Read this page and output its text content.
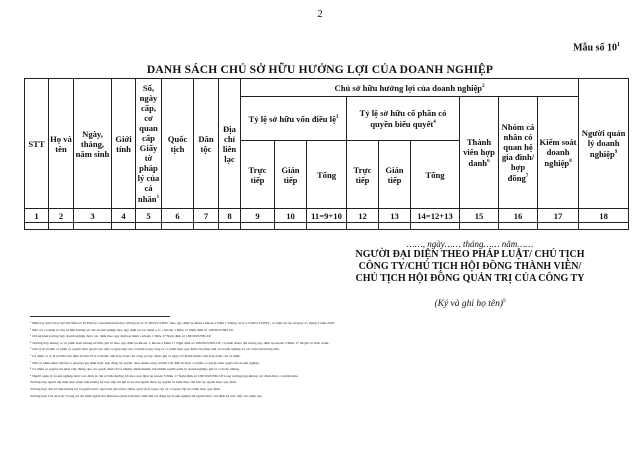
2
Mẫu số $10^1$
DANH SÁCH CHỦ SỞ HỮU HƯỞNG LỢI CỦA DOANH NGHIỆP
STT	Họ và tên	Ngày, tháng, năm sinh	Giới tính	Số, ngày cấp, cơ quan cấp Giấy tờ pháp lý của cá nhân$^1$	Quốc tịch	Dân tộc	Địa chỉ liên lạc	Chủ sở hữu hưởng lợi của doanh nghiệp$^2$									Người quản lý doanh nghiệp$^9$
								Tỷ lệ sở hữu vốn điều lệ$^3$			Tỷ lệ sở hữu cổ phần có quyền biểu quyết$^4$			Thành viên hợp danh$^6$	Nhóm cá nhân có quan hệ gia đình/ hợp đồng$^7$	Kiểm soát doanh nghiệp$^8$
								Trực tiếp	Gián tiếp	Tổng	Trực tiếp	Gián tiếp	Tổng				
1	2	3	4	5	6	7	8	9	10	11=9+10	12	13	14=12+13	15	16	17	18

……, ngày…… tháng…… năm……
NGƯỜI ĐẠI DIỆN THEO PHÁP LUẬT/ CHỦ TỊCH
CÔNG TY/CHỦ TỊCH HỘI ĐỒNG THÀNH VIÊN/
CHỦ TỊCH HỘI ĐỒNG QUẢN TRỊ CỦA CÔNG TY
(Ký và ghi họ tên)$^9$

¹ Mẫu này được thay thế bởi Mẫu số 10 Phụ lục ban hành kèm theo Thông tư số 11/2025/TT-BTC theo quy định tại điểm a khoản 1 Điều 1 Thông tư số 11/2025/TT-BTC, có hiệu lực kể từ ngày 21 tháng 3 năm 2025.

² Nêu các cá nhân là chủ sở hữu hưởng lợi của doanh nghiệp theo quy định tại các điểm a, b, c khoản 1 Điều 17 Nghị định số 168/2025/NĐ-CP.

³ Chỉ kê khai trường hợp doanh nghiệp được xác định theo quy định tại điểm a khoản 1 Điều 17 Nghị định số 168/2025/NĐ-CP.

⁴ Trường hợp không có cổ phần hoặc không sở hữu, ghi rõ theo quy định tại khoản 1, khoản 2 Điều 17 Nghị định số 168/2025/NĐ-CP; cá nhân thuộc đối tượng quy định tại khoản 3 Điều 17 thì ghi rõ chức danh.

⁵ Ghi tỷ lệ sở hữu cổ phần có quyền biểu quyết trực tiếp và gián tiếp của cá nhân trong công ty cổ phần theo quy định của pháp luật về doanh nghiệp và các văn bản hướng dẫn.

⁶ Cá nhân có tỷ lệ sở hữu vốn điều lệ trên 25% là thành viên hợp danh của công ty hợp danh; ghi rõ ngày trở thành thành viên hợp danh của cá nhân.

⁷ Nêu cá nhân thuộc nhóm có quan hệ gia đình hoặc hợp đồng ủy quyền, thỏa thuận cùng sở hữu vốn điều lệ hoặc cổ phần có quyền biểu quyết của doanh nghiệp.

⁸ Cá nhân có quyền chi phối việc thông qua các quyết định về bổ nhiệm, miễn nhiệm, bãi nhiệm người quản lý doanh nghiệp; ghi rõ có hoặc không.

⁹ Người quản lý doanh nghiệp được xác định là chủ sở hữu hưởng lợi theo quy định tại khoản 3 Điều 17 Nghị định số 168/2025/NĐ-CP trong trường hợp không xác định được cá nhân khác.

Trường hợp người đại diện theo pháp luật không ký trực tiếp thì ghi rõ họ tên người được ủy quyền và kèm theo văn bản ủy quyền theo quy định.

Trường hợp chủ sở hữu hưởng lợi là người nước ngoài thì ghi số hộ chiếu, quốc tịch, ngày cấp và cơ quan cấp hộ chiếu theo quy định.

Trường hợp Tòa án hoặc Trọng tài chỉ định người đại diện theo pháp luật thực hiện thủ tục đăng ký doanh nghiệp thì người được chỉ định ký trực tiếp vào phần này.
